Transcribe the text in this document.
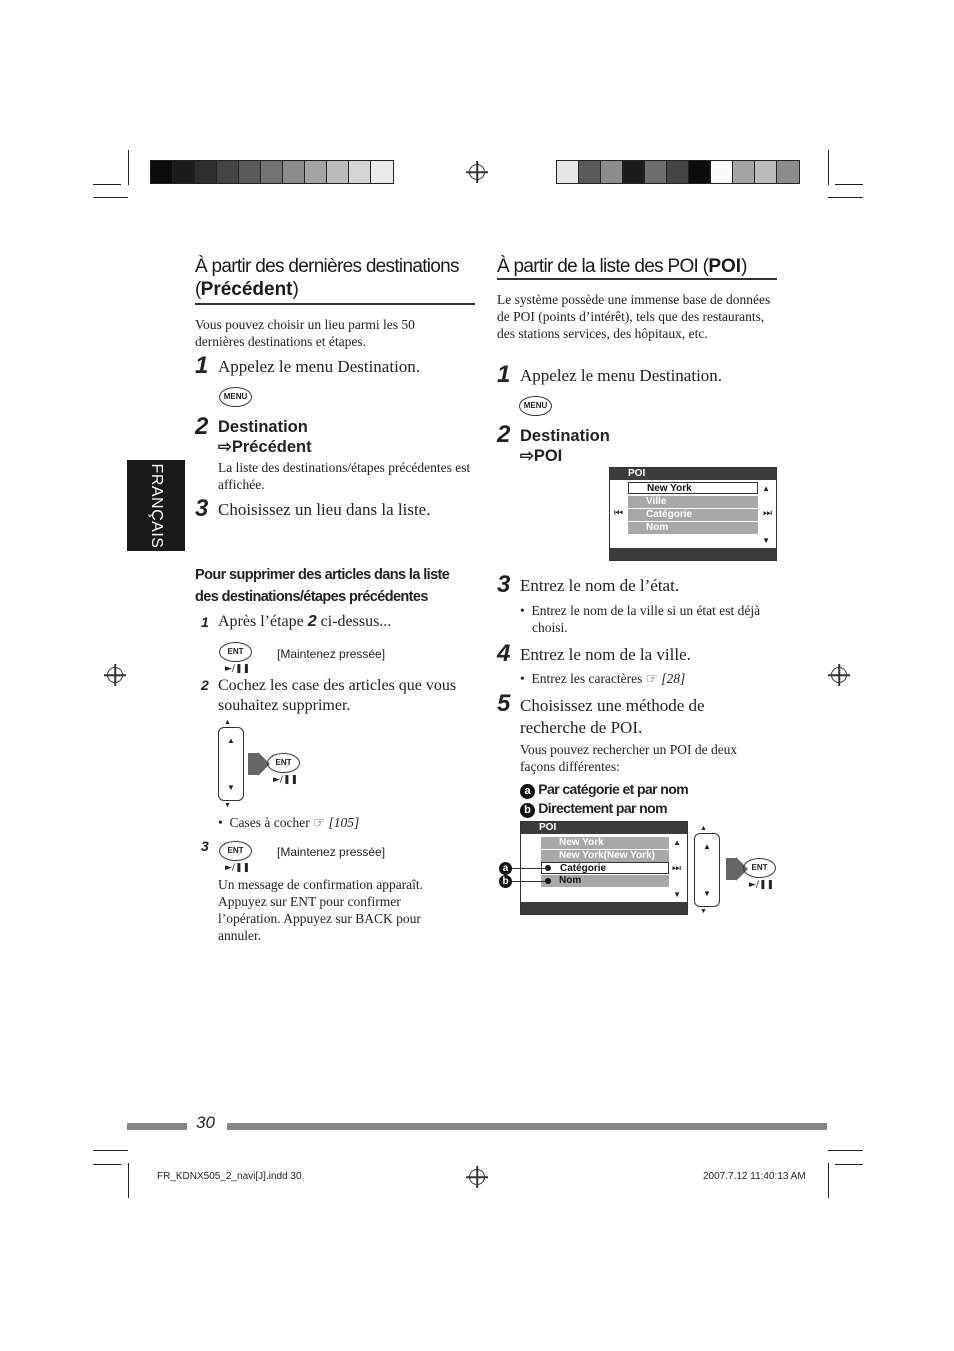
FRANÇAIS
À partir des dernières destinations
(Précédent)
Vous pouvez choisir un lieu parmi les 50 dernières destinations et étapes.
1 Appelez le menu Destination.
MENU
2 Destination
⇨Précédent
La liste des destinations/étapes précédentes est affichée.
3 Choisissez un lieu dans la liste.
Pour supprimer des articles dans la liste des destinations/étapes précédentes
1 Après l’étape 2 ci-dessus...
ENT
►/❚❚
[Maintenez pressée]
2 Cochez les case des articles que vous souhaitez supprimer.
▲
▼
▲
▼
ENT
►/❚❚
•  Cases à cocher ☞ [105]
3	ENT
►/❚❚
[Maintenez pressée]
Un message de confirmation apparaît. Appuyez sur ENT pour confirmer l’opération. Appuyez sur BACK pour annuler.
À partir de la liste des POI (POI)
Le système possède une immense base de données de POI (points d’intérêt), tels que des restaurants, des stations services, des hôpitaux, etc.
1 Appelez le menu Destination.
MENU
2 Destination
⇨POI
POI
New York
Ville
Catégorie
Nom
⏮	⏭
▲
▼
3 Entrez le nom de l’état.
•  Entrez le nom de la ville si un état est déjà choisi.
4 Entrez le nom de la ville.
•  Entrez les caractères ☞ [28]
5 Choisissez une méthode de recherche de POI.
Vous pouvez rechercher un POI de deux façons différentes:
a Par catégorie et par nom
b Directement par nom
POI
New York
New York(New York)
Catégorie
Nom
⏭
▲
▼
a
b
▲
▼
▲
▼
ENT
►/❚❚
30
FR_KDNX505_2_navi[J].indd 30	2007.7.12 11:40:13 AM
